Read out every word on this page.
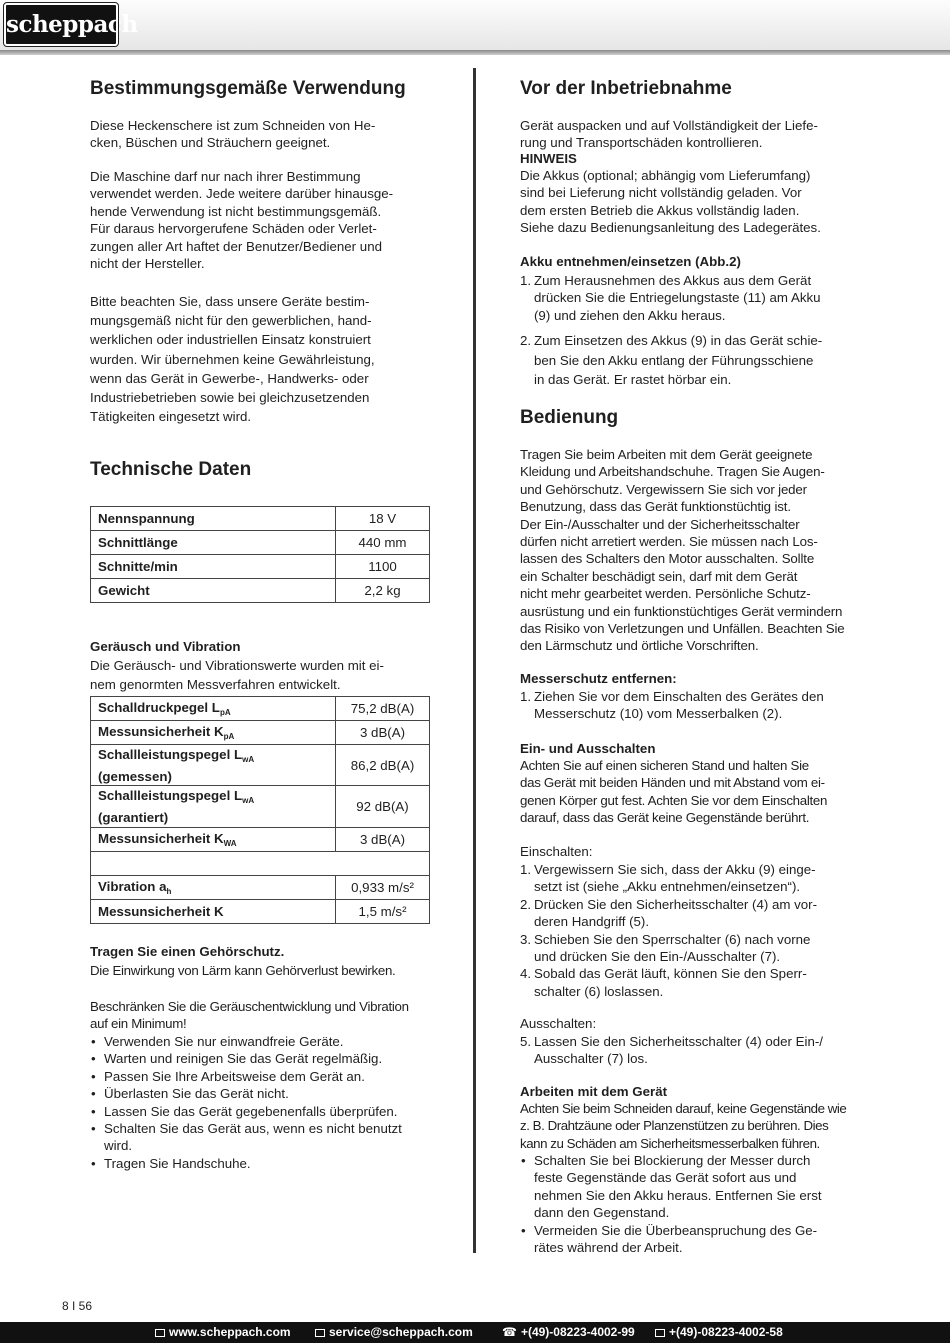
scheppach
Bestimmungsgemäße Verwendung

Diese Heckenschere ist zum Schneiden von He-
cken, Büschen und Sträuchern geeignet.

Die Maschine darf nur nach ihrer Bestimmung
verwendet werden. Jede weitere darüber hinausge-
hende Verwendung ist nicht bestimmungsgemäß.
Für daraus hervorgerufene Schäden oder Verlet-
zungen aller Art haftet der Benutzer/Bediener und
nicht der Hersteller.

Bitte beachten Sie, dass unsere Geräte bestim-
mungsgemäß nicht für den gewerblichen, hand-
werklichen oder industriellen Einsatz konstruiert
wurden. Wir übernehmen keine Gewährleistung,
wenn das Gerät in Gewerbe-, Handwerks- oder
Industriebetrieben sowie bei gleichzusetzenden
Tätigkeiten eingesetzt wird.

Technische Daten
Nennspannung	18 V
Schnittlänge	440 mm
Schnitte/min	1100
Gewicht	2,2 kg

Geräusch und Vibration

Die Geräusch- und Vibrationswerte wurden mit ei-
nem genormten Messverfahren entwickelt.

Schalldruckpegel $L_{pA}$	75,2 dB(A)
Messunsicherheit $K_{pA}$	3 dB(A)
Schallleistungspegel $L_{wA}$
(gemessen)	86,2 dB(A)
Schallleistungspegel $L_{wA}$
(garantiert)	92 dB(A)
Messunsicherheit $K_{WA}$	3 dB(A)

Vibration $a_h$	0,933 m/s²
Messunsicherheit K	1,5 m/s²

Tragen Sie einen Gehörschutz.

Die Einwirkung von Lärm kann Gehörverlust bewirken.

Beschränken Sie die Geräuschentwicklung und Vibration
auf ein Minimum!

• Verwenden Sie nur einwandfreie Geräte.
• Warten und reinigen Sie das Gerät regelmäßig.
• Passen Sie Ihre Arbeitsweise dem Gerät an.
• Überlasten Sie das Gerät nicht.
• Lassen Sie das Gerät gegebenenfalls überprüfen.
• Schalten Sie das Gerät aus, wenn es nicht benutzt
wird.
• Tragen Sie Handschuhe.
Vor der Inbetriebnahme

Gerät auspacken und auf Vollständigkeit der Liefe-
rung und Transportschäden kontrollieren.

HINWEIS

Die Akkus (optional; abhängig vom Lieferumfang)
sind bei Lieferung nicht vollständig geladen. Vor
dem ersten Betrieb die Akkus vollständig laden.
Siehe dazu Bedienungsanleitung des Ladegerätes.

Akku entnehmen/einsetzen (Abb.2)

1. Zum Herausnehmen des Akkus aus dem Gerät
drücken Sie die Entriegelungstaste (11) am Akku
(9) und ziehen den Akku heraus.
2. Zum Einsetzen des Akkus (9) in das Gerät schie-
ben Sie den Akku entlang der Führungsschiene
in das Gerät. Er rastet hörbar ein.
Bedienung

Tragen Sie beim Arbeiten mit dem Gerät geeignete
Kleidung und Arbeitshandschuhe. Tragen Sie Augen-
und Gehörschutz. Vergewissern Sie sich vor jeder
Benutzung, dass das Gerät funktionstüchtig ist.
Der Ein-/Ausschalter und der Sicherheitsschalter
dürfen nicht arretiert werden. Sie müssen nach Los-
lassen des Schalters den Motor ausschalten. Sollte
ein Schalter beschädigt sein, darf mit dem Gerät
nicht mehr gearbeitet werden. Persönliche Schutz-
ausrüstung und ein funktionstüchtiges Gerät vermindern
das Risiko von Verletzungen und Unfällen. Beachten Sie
den Lärmschutz und örtliche Vorschriften.

Messerschutz entfernen:

1. Ziehen Sie vor dem Einschalten des Gerätes den
Messerschutz (10) vom Messerbalken (2).

Ein- und Ausschalten

Achten Sie auf einen sicheren Stand und halten Sie
das Gerät mit beiden Händen und mit Abstand vom ei-
genen Körper gut fest. Achten Sie vor dem Einschalten
darauf, dass das Gerät keine Gegenstände berührt.

Einschalten:

1. Vergewissern Sie sich, dass der Akku (9) einge-
setzt ist (siehe „Akku entnehmen/einsetzen“).
2. Drücken Sie den Sicherheitsschalter (4) am vor-
deren Handgriff (5).
3. Schieben Sie den Sperrschalter (6) nach vorne
und drücken Sie den Ein-/Ausschalter (7).
4. Sobald das Gerät läuft, können Sie den Sperr-
schalter (6) loslassen.

Ausschalten:

5. Lassen Sie den Sicherheitsschalter (4) oder Ein-/
Ausschalter (7) los.

Arbeiten mit dem Gerät

Achten Sie beim Schneiden darauf, keine Gegenstände wie
z. B. Drahtzäune oder Planzenstützen zu berühren. Dies
kann zu Schäden am Sicherheitsmesserbalken führen.

• Schalten Sie bei Blockierung der Messer durch
feste Gegenstände das Gerät sofort aus und
nehmen Sie den Akku heraus. Entfernen Sie erst
dann den Gegenstand.
• Vermeiden Sie die Überbeanspruchung des Ge-
rätes während der Arbeit.
8 I 56
www.scheppach.com	service@scheppach.com ☎ +(49)-08223-4002-99	+(49)-08223-4002-58
